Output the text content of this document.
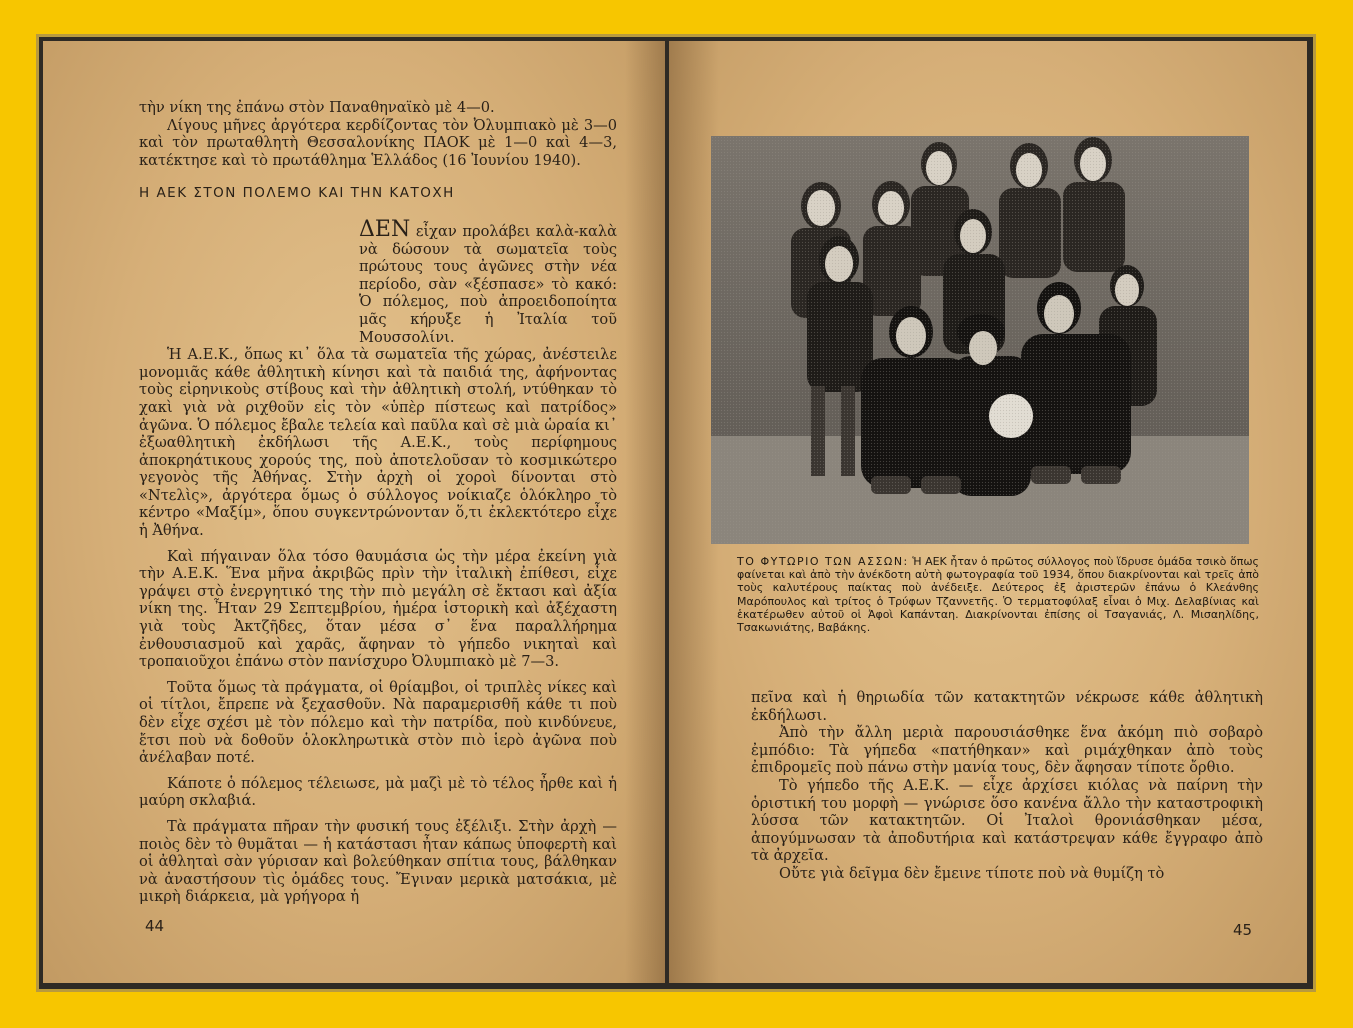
τὴν νίκη της ἐπάνω στὸν Παναθηναϊκὸ μὲ 4—0.

Λίγους μῆνες ἀργότερα κερδίζοντας τὸν Ὀλυμπιακὸ μὲ 3—0 καὶ τὸν πρωταθλητὴ Θεσσαλονίκης ΠΑΟΚ μὲ 1—0 καὶ 4—3, κατέκτησε καὶ τὸ πρωτάθλημα Ἑλλάδος (16 Ἰουνίου 1940).

Η ΑΕΚ ΣΤΟΝ ΠΟΛΕΜΟ ΚΑΙ ΤΗΝ ΚΑΤΟΧΗ

ΔΕΝ εἶχαν προλάβει καλὰ-καλὰ νὰ δώσουν τὰ σωματεῖα τοὺς πρώτους τους ἀγῶνες στὴν νέα περίοδο, σὰν «ξέσπασε» τὸ κακό: Ὁ πόλεμος, ποὺ ἀπροειδοποίητα μᾶς κήρυξε ἡ Ἰταλία τοῦ Μουσσολίνι.

Ἡ Α.Ε.Κ., ὅπως κι᾽ ὅλα τὰ σωματεῖα τῆς χώρας, ἀνέστειλε μονομιᾶς κάθε ἀθλητικὴ κίνησι καὶ τὰ παιδιά της, ἀφήνοντας τοὺς εἰρηνικοὺς στίβους καὶ τὴν ἀθλητικὴ στολή, ντύθηκαν τὸ χακὶ γιὰ νὰ ριχθοῦν εἰς τὸν «ὑπὲρ πίστεως καὶ πατρίδος» ἀγῶνα. Ὁ πόλεμος ἔβαλε τελεία καὶ παῦλα καὶ σὲ μιὰ ὡραία κι᾽ ἐξωαθλητικὴ ἐκδήλωσι τῆς Α.Ε.Κ., τοὺς περίφημους ἀποκρηάτικους χορούς της, ποὺ ἀποτελοῦσαν τὸ κοσμικώτερο γεγονὸς τῆς Ἀθήνας. Στὴν ἀρχὴ οἱ χοροὶ δίνονται στὸ «Ντελὶς», ἀργότερα ὅμως ὁ σύλλογος νοίκιαζε ὁλόκληρο τὸ κέντρο «Μαξίμ», ὅπου συγκεντρώνονταν ὅ,τι ἐκλεκτότερο εἶχε ἡ Ἀθήνα.

Καὶ πήγαιναν ὅλα τόσο θαυμάσια ὡς τὴν μέρα ἐκείνη γιὰ τὴν Α.Ε.Κ. Ἕνα μῆνα ἀκριβῶς πρὶν τὴν ἰταλικὴ ἐπίθεσι, εἶχε γράψει στὸ ἐνεργητικό της τὴν πιὸ μεγάλη σὲ ἔκτασι καὶ ἀξία νίκη της. Ἦταν 29 Σεπτεμβρίου, ἡμέρα ἱστορικὴ καὶ ἀξέχαστη γιὰ τοὺς Ἀκτζῆδες, ὅταν μέσα σ᾽ ἕνα παραλλήρημα ἐνθουσιασμοῦ καὶ χαρᾶς, ἄφηναν τὸ γήπεδο νικηταὶ καὶ τροπαιοῦχοι ἐπάνω στὸν πανίσχυρο Ὀλυμπιακὸ μὲ 7—3.

Τοῦτα ὅμως τὰ πράγματα, οἱ θρίαμβοι, οἱ τριπλὲς νίκες καὶ οἱ τίτλοι, ἔπρεπε νὰ ξεχασθοῦν. Νὰ παραμερισθῆ κάθε τι ποὺ δὲν εἶχε σχέσι μὲ τὸν πόλεμο καὶ τὴν πατρίδα, ποὺ κινδύνευε, ἔτσι ποὺ νὰ δοθοῦν ὁλοκληρωτικὰ στὸν πιὸ ἱερὸ ἀγῶνα ποὺ ἀνέλαβαν ποτέ.

Κάποτε ὁ πόλεμος τέλειωσε, μὰ μαζὶ μὲ τὸ τέλος ἦρθε καὶ ἡ μαύρη σκλαβιά.

Τὰ πράγματα πῆραν τὴν φυσική τους ἐξέλιξι. Στὴν ἀρχὴ — ποιὸς δὲν τὸ θυμᾶται — ἡ κατάστασι ἦταν κάπως ὑποφερτὴ καὶ οἱ ἀθληταὶ σὰν γύρισαν καὶ βολεύθηκαν σπίτια τους, βάλθηκαν νὰ ἀναστήσουν τὶς ὁμάδες τους. Ἔγιναν μερικὰ ματσάκια, μὲ μικρὴ διάρκεια, μὰ γρήγορα ἡ

44
ΤΟ ΦΥΤΩΡΙΟ ΤΩΝ ΑΣΣΩΝ: Ἡ ΑΕΚ ἦταν ὁ πρῶτος σύλλογος ποὺ ἵδρυσε ὁμάδα τσικὸ ὅπως φαίνεται καὶ ἀπὸ τὴν ἀνέκδοτη αὐτὴ φωτογραφία τοῦ 1934, ὅπου διακρίνονται καὶ τρεῖς ἀπὸ τοὺς καλυτέρους παίκτας ποὺ ἀνέδειξε. Δεύτερος ἐξ ἀριστερῶν ἐπάνω ὁ Κλεάνθης Μαρόπουλος καὶ τρίτος ὁ Τρύφων Τζαννετῆς. Ὁ τερματοφύλαξ εἶναι ὁ Μιχ. Δελαβίνιας καὶ ἑκατέρωθεν αὐτοῦ οἱ Ἀφοὶ Καπάνταη. Διακρίνονται ἐπίσης οἱ Τσαγανιάς, Λ. Μισαηλίδης, Τσακωνιάτης, Βαβάκης.

πεῖνα καὶ ἡ θηριωδία τῶν κατακτητῶν νέκρωσε κάθε ἀθλητικὴ ἐκδήλωσι.

Ἀπὸ τὴν ἄλλη μεριὰ παρουσιάσθηκε ἕνα ἀκόμη πιὸ σοβαρὸ ἐμπόδιο: Τὰ γήπεδα «πατήθηκαν» καὶ ριμάχθηκαν ἀπὸ τοὺς ἐπιδρομεῖς ποὺ πάνω στὴν μανία τους, δὲν ἄφησαν τίποτε ὄρθιο.

Τὸ γήπεδο τῆς Α.Ε.Κ. — εἶχε ἀρχίσει κιόλας νὰ παίρνη τὴν ὁριστική του μορφὴ — γνώρισε ὅσο κανένα ἄλλο τὴν καταστροφικὴ λύσσα τῶν κατακτητῶν. Οἱ Ἰταλοὶ θρονιάσθηκαν μέσα, ἀπογύμνωσαν τὰ ἀποδυτήρια καὶ κατάστρεψαν κάθε ἔγγραφο ἀπὸ τὰ ἀρχεῖα.

Οὔτε γιὰ δεῖγμα δὲν ἔμεινε τίποτε ποὺ νὰ θυμίζη τὸ

45
